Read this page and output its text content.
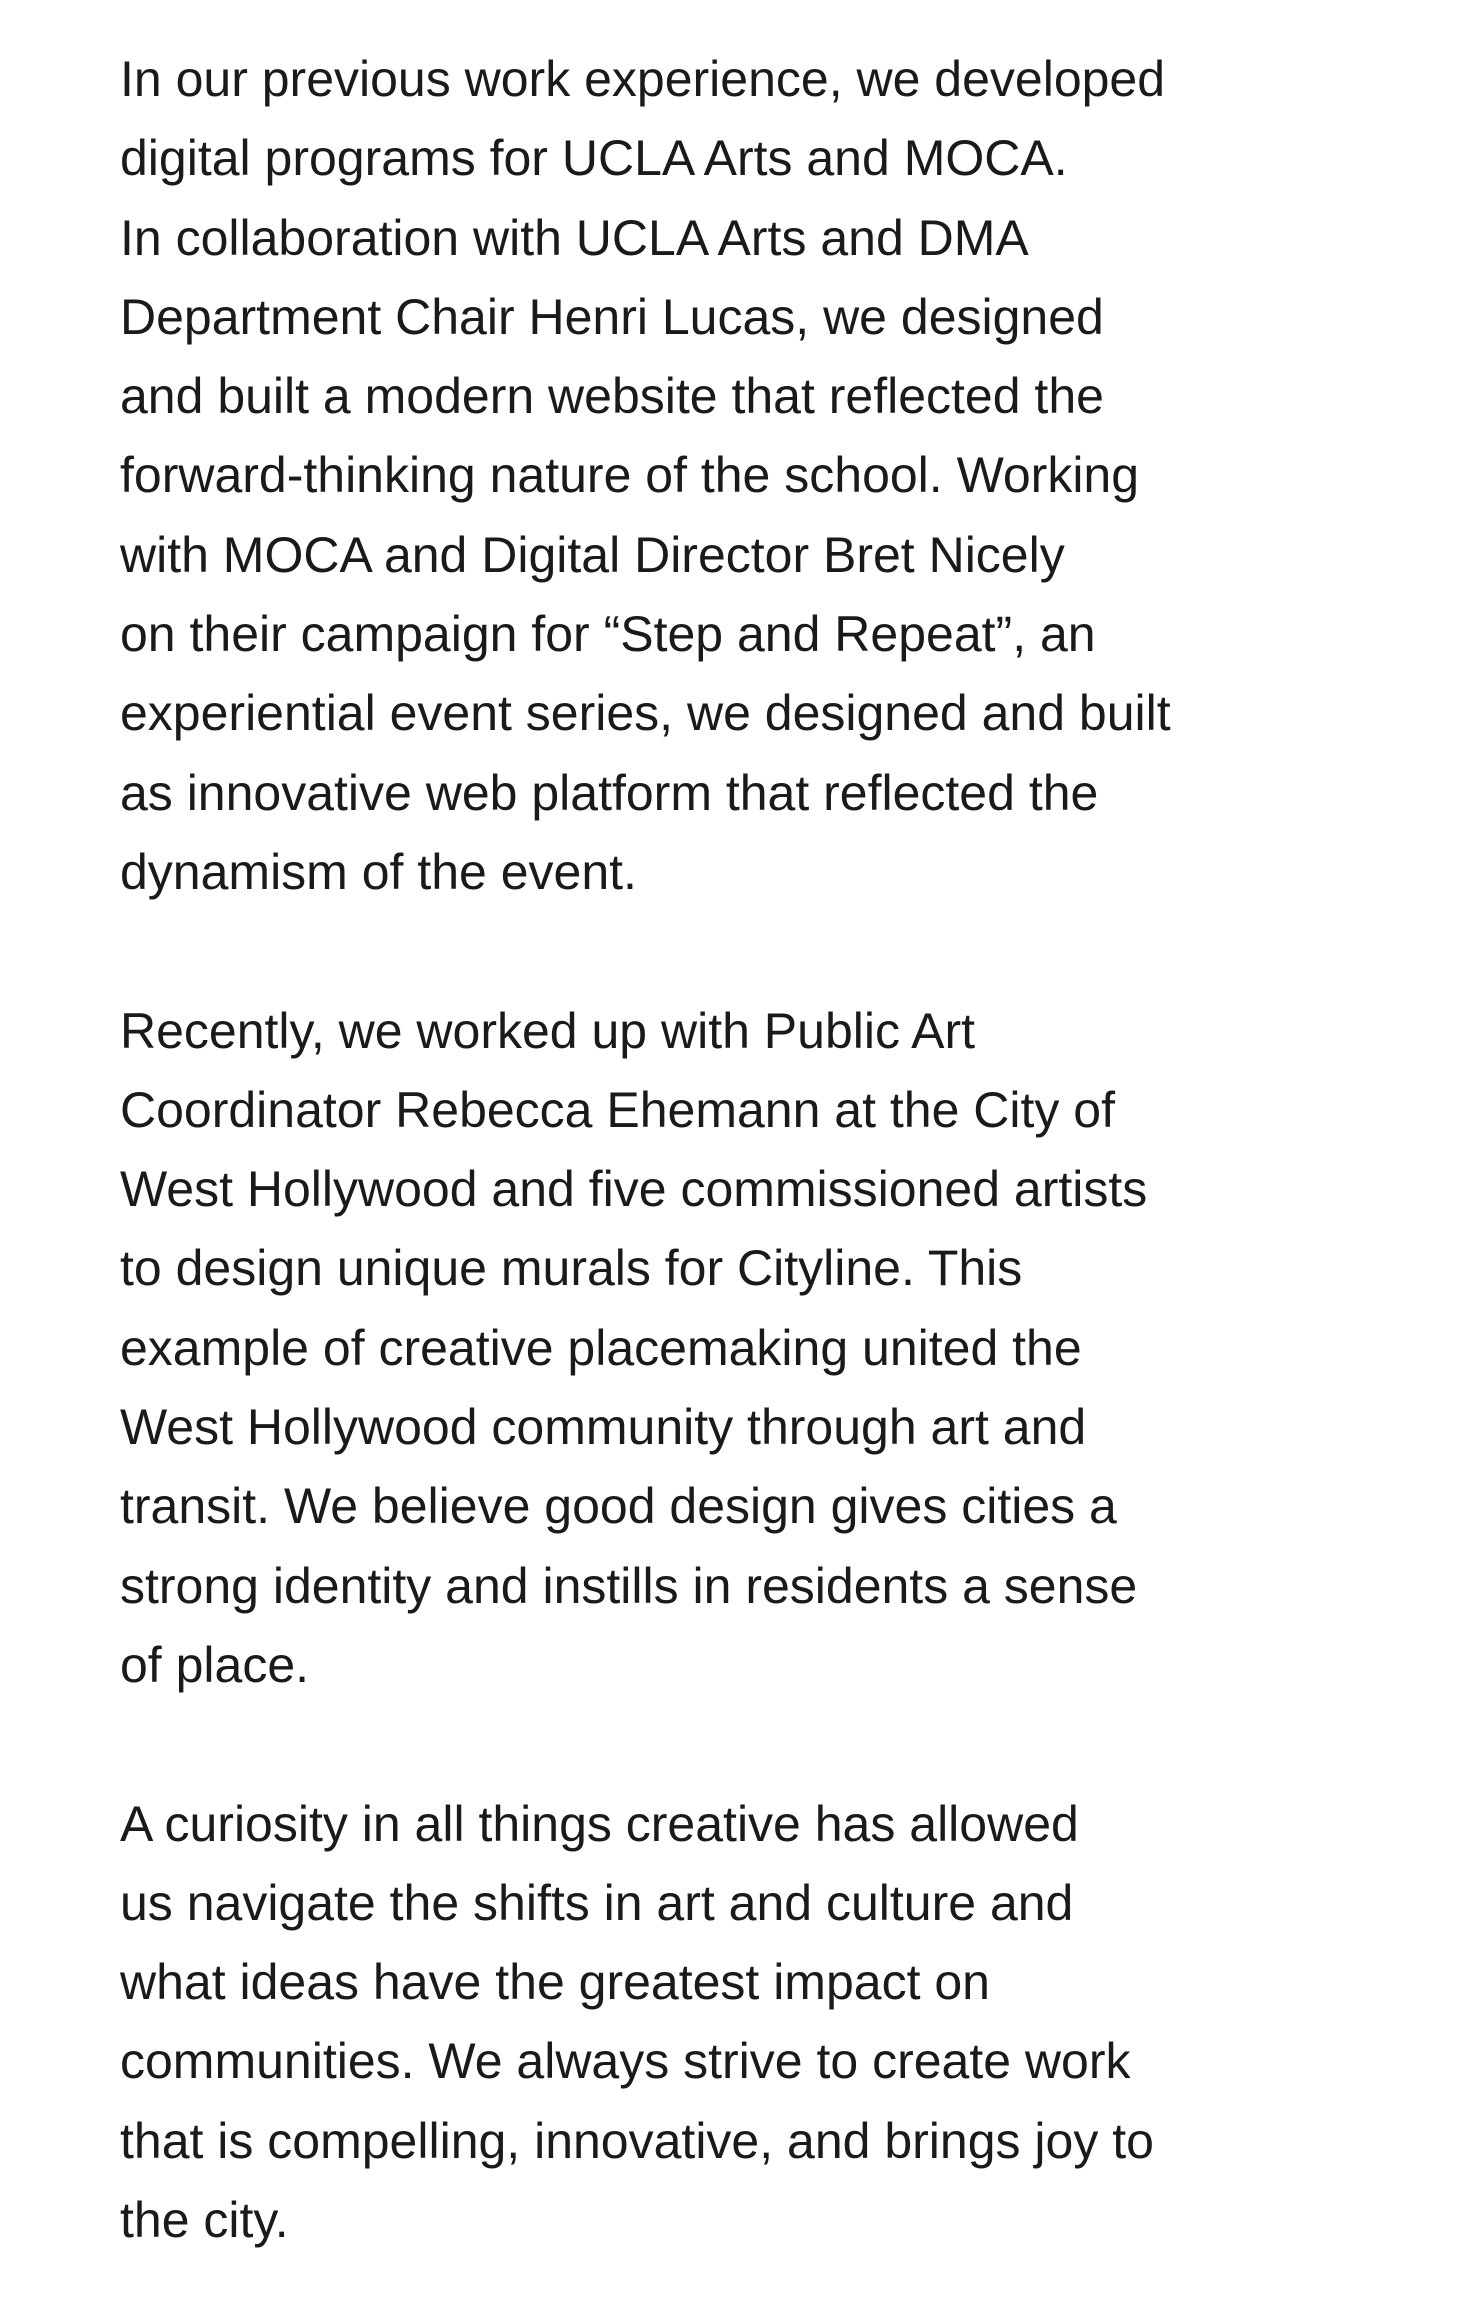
In our previous work experience, we developed
digital programs for UCLA Arts and MOCA.
In collaboration with UCLA Arts and DMA
Department Chair Henri Lucas, we designed
and built a modern website that reflected the
forward-thinking nature of the school. Working
with MOCA and Digital Director Bret Nicely
on their campaign for “Step and Repeat”, an
experiential event series, we designed and built
as innovative web platform that reflected the
dynamism of the event.

Recently, we worked up with Public Art
Coordinator Rebecca Ehemann at the City of
West Hollywood and five commissioned artists
to design unique murals for Cityline. This
example of creative placemaking united the
West Hollywood community through art and
transit. We believe good design gives cities a
strong identity and instills in residents a sense
of place.

A curiosity in all things creative has allowed
us navigate the shifts in art and culture and
what ideas have the greatest impact on
communities. We always strive to create work
that is compelling, innovative, and brings joy to
the city.
